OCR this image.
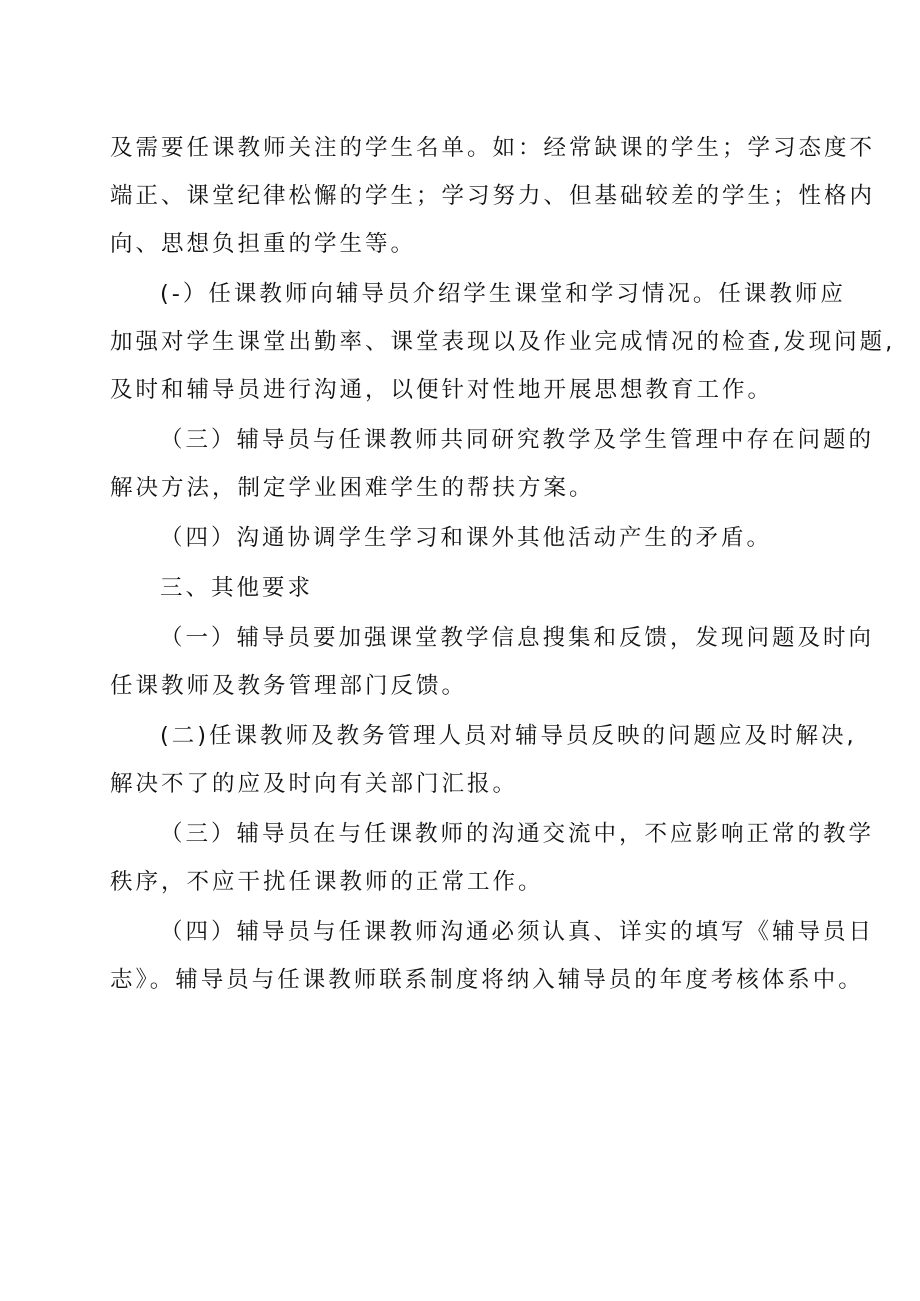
及需要任课教师关注的学生名单。如：经常缺课的学生；学习态度不
端正、课堂纪律松懈的学生；学习努力、但基础较差的学生；性格内
向、思想负担重的学生等。
(-）任课教师向辅导员介绍学生课堂和学习情况。任课教师应
加强对学生课堂出勤率、课堂表现以及作业完成情况的检查,发现问题,
及时和辅导员进行沟通，以便针对性地开展思想教育工作。
（三）辅导员与任课教师共同研究教学及学生管理中存在问题的
解决方法，制定学业困难学生的帮扶方案。
（四）沟通协调学生学习和课外其他活动产生的矛盾。
三、其他要求
（一）辅导员要加强课堂教学信息搜集和反馈，发现问题及时向
任课教师及教务管理部门反馈。
(二)任课教师及教务管理人员对辅导员反映的问题应及时解决,
解决不了的应及时向有关部门汇报。
（三）辅导员在与任课教师的沟通交流中，不应影响正常的教学
秩序，不应干扰任课教师的正常工作。
（四）辅导员与任课教师沟通必须认真、详实的填写《辅导员日
志》。辅导员与任课教师联系制度将纳入辅导员的年度考核体系中。
